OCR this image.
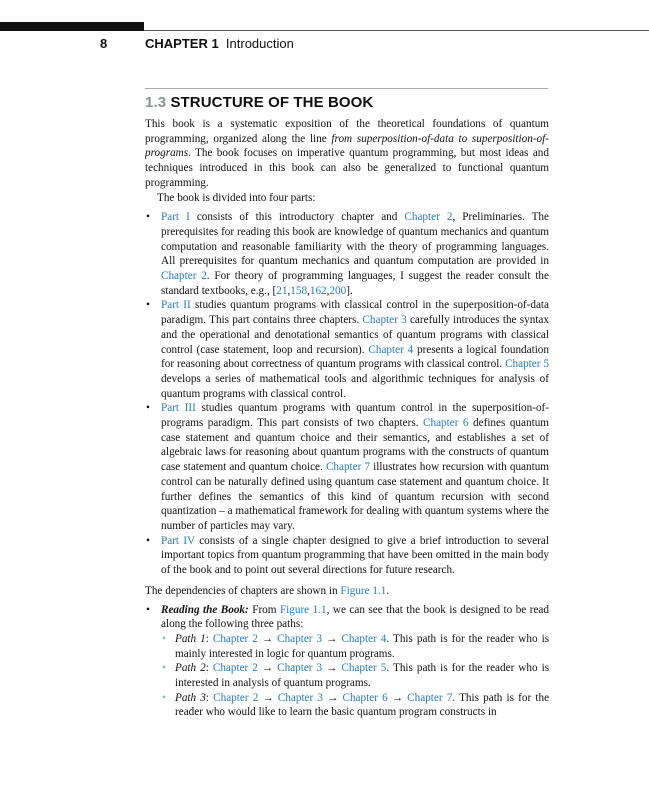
8	CHAPTER 1 Introduction
1.3 STRUCTURE OF THE BOOK

This book is a systematic exposition of the theoretical foundations of quantum programming, organized along the line from superposition-of-data to superposition-of-programs. The book focuses on imperative quantum programming, but most ideas and techniques introduced in this book can also be generalized to functional quantum programming.

The book is divided into four parts:

• Part I consists of this introductory chapter and Chapter 2, Preliminaries. The prerequisites for reading this book are knowledge of quantum mechanics and quantum computation and reasonable familiarity with the theory of programming languages. All prerequisites for quantum mechanics and quantum computation are provided in Chapter 2. For theory of programming languages, I suggest the reader consult the standard textbooks, e.g., [21,158,162,200].
• Part II studies quantum programs with classical control in the superposition-of-data paradigm. This part contains three chapters. Chapter 3 carefully introduces the syntax and the operational and denotational semantics of quantum programs with classical control (case statement, loop and recursion). Chapter 4 presents a logical foundation for reasoning about correctness of quantum programs with classical control. Chapter 5 develops a series of mathematical tools and algorithmic techniques for analysis of quantum programs with classical control.
• Part III studies quantum programs with quantum control in the superposition-of-programs paradigm. This part consists of two chapters. Chapter 6 defines quantum case statement and quantum choice and their semantics, and establishes a set of algebraic laws for reasoning about quantum programs with the constructs of quantum case statement and quantum choice. Chapter 7 illustrates how recursion with quantum control can be naturally defined using quantum case statement and quantum choice. It further defines the semantics of this kind of quantum recursion with second quantization – a mathematical framework for dealing with quantum systems where the number of particles may vary.
• Part IV consists of a single chapter designed to give a brief introduction to several important topics from quantum programming that have been omitted in the main body of the book and to point out several directions for future research.

The dependencies of chapters are shown in Figure 1.1.

• Reading the Book: From Figure 1.1, we can see that the book is designed to be read along the following three paths:
• Path 1: Chapter 2 → Chapter 3 → Chapter 4. This path is for the reader who is mainly interested in logic for quantum programs.
• Path 2: Chapter 2 → Chapter 3 → Chapter 5. This path is for the reader who is interested in analysis of quantum programs.
• Path 3: Chapter 2 → Chapter 3 → Chapter 6 → Chapter 7. This path is for the reader who would like to learn the basic quantum program constructs in
